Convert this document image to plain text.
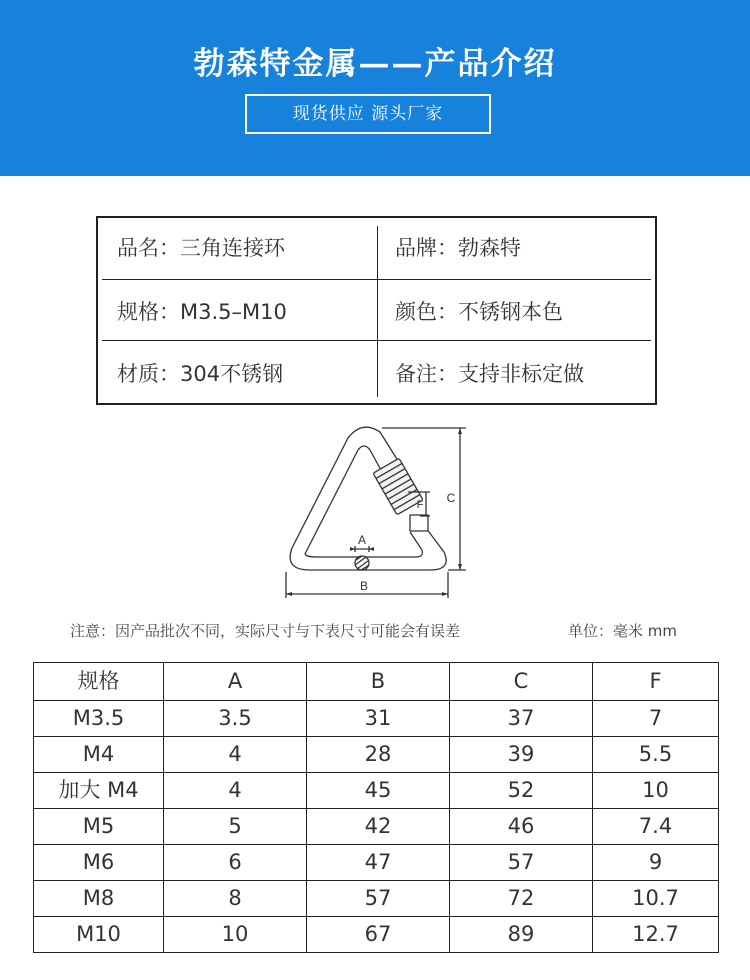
勃森特金属——产品介绍
现货供应 源头厂家
品名：三角连接环	品牌：勃森特
规格：M3.5–M10	颜色：不锈钢本色
材质：304不锈钢	备注：支持非标定做
A
B
C
F
注意：因产品批次不同，实际尺寸与下表尺寸可能会有误差	单位：毫米 mm
规格	A	B	C	F
M3.5	3.5	31	37	7
M4	4	28	39	5.5
加大 M4	4	45	52	10
M5	5	42	46	7.4
M6	6	47	57	9
M8	8	57	72	10.7
M10	10	67	89	12.7
